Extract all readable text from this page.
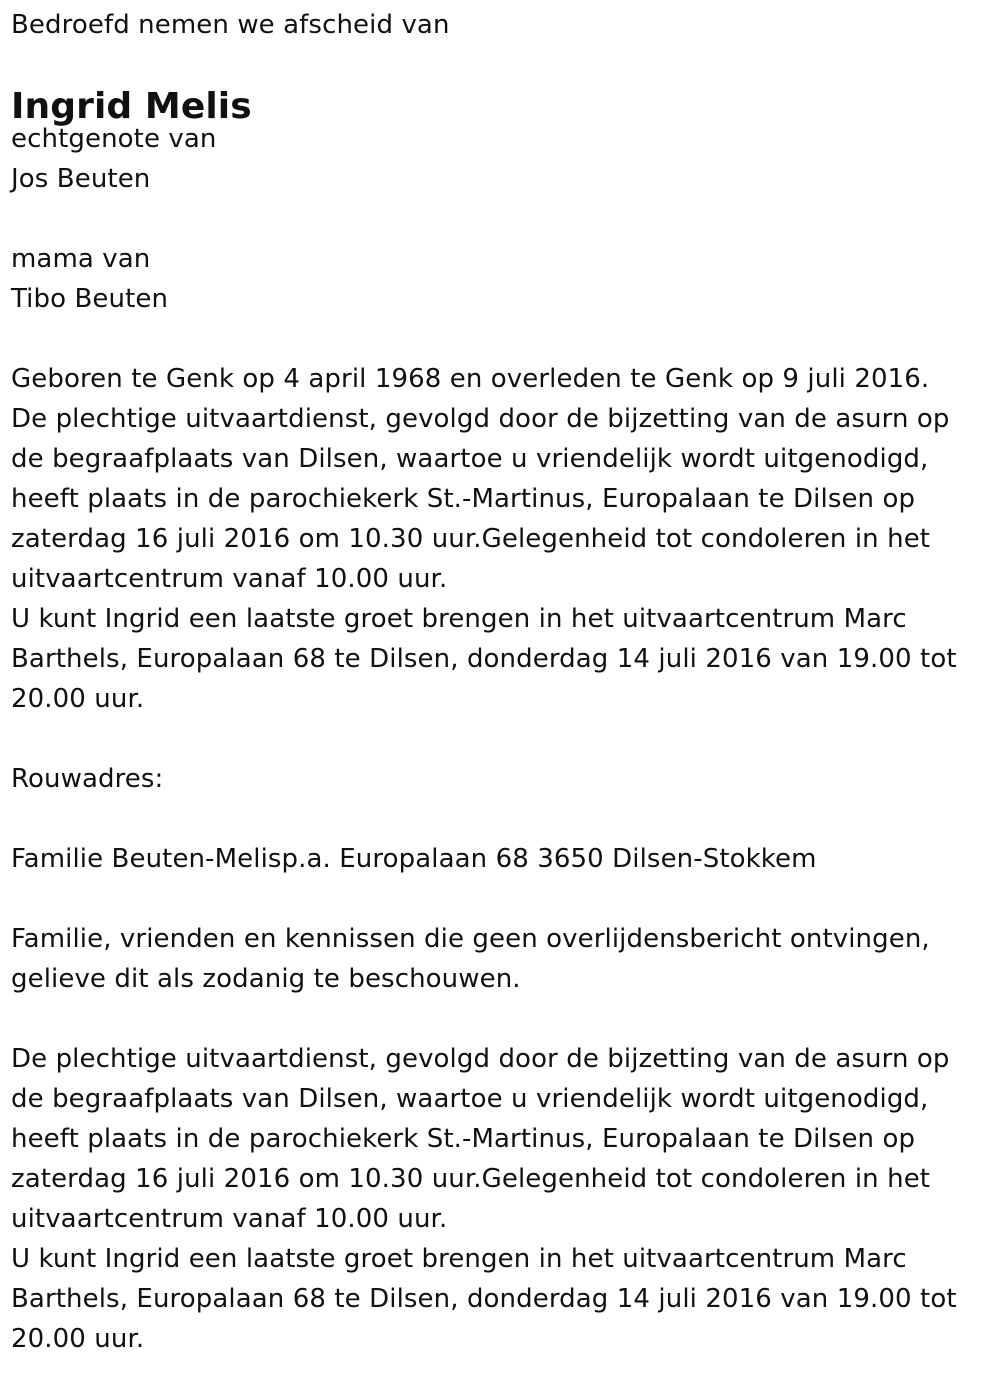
Bedroefd nemen we afscheid van
Ingrid Melis
echtgenote van
Jos Beuten
mama van
Tibo Beuten
Geboren te Genk op 4 april 1968 en overleden te Genk op 9 juli 2016.
De plechtige uitvaartdienst, gevolgd door de bijzetting van de asurn op
de begraafplaats van Dilsen, waartoe u vriendelijk wordt uitgenodigd,
heeft plaats in de parochiekerk St.-Martinus, Europalaan te Dilsen op
zaterdag 16 juli 2016 om 10.30 uur.Gelegenheid tot condoleren in het
uitvaartcentrum vanaf 10.00 uur.
U kunt Ingrid een laatste groet brengen in het uitvaartcentrum Marc
Barthels, Europalaan 68 te Dilsen, donderdag 14 juli 2016 van 19.00 tot
20.00 uur.
Rouwadres:
Familie Beuten-Melisp.a. Europalaan 68 3650 Dilsen-Stokkem
Familie, vrienden en kennissen die geen overlijdensbericht ontvingen,
gelieve dit als zodanig te beschouwen.
De plechtige uitvaartdienst, gevolgd door de bijzetting van de asurn op
de begraafplaats van Dilsen, waartoe u vriendelijk wordt uitgenodigd,
heeft plaats in de parochiekerk St.-Martinus, Europalaan te Dilsen op
zaterdag 16 juli 2016 om 10.30 uur.Gelegenheid tot condoleren in het
uitvaartcentrum vanaf 10.00 uur.
U kunt Ingrid een laatste groet brengen in het uitvaartcentrum Marc
Barthels, Europalaan 68 te Dilsen, donderdag 14 juli 2016 van 19.00 tot
20.00 uur.
